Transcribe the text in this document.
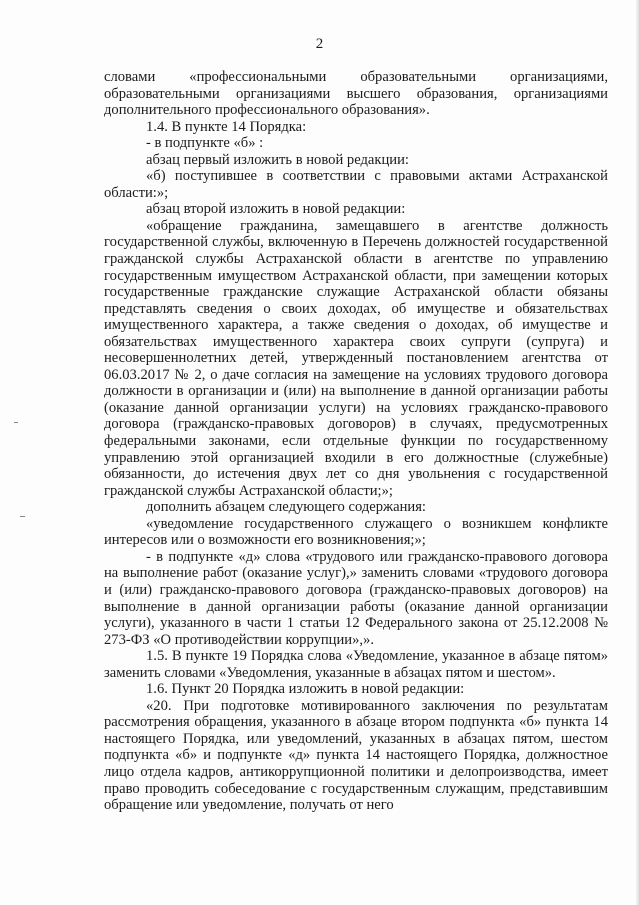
2

словами «профессиональными образовательными организациями, образовательными организациями высшего образования, организациями дополнительного профессионального образования».

1.4. В пункте 14 Порядка:

- в подпункте «б» :

абзац первый изложить в новой редакции:

«б) поступившее в соответствии с правовыми актами Астраханской области:»;

абзац второй изложить в новой редакции:

«обращение гражданина, замещавшего в агентстве должность государственной службы, включенную в Перечень должностей государственной гражданской службы Астраханской области в агентстве по управлению государственным имуществом Астраханской области, при замещении которых государственные гражданские служащие Астраханской области обязаны представлять сведения о своих доходах, об имуществе и обязательствах имущественного характера, а также сведения о доходах, об имуществе и обязательствах имущественного характера своих супруги (супруга) и несовершеннолетних детей, утвержденный постановлением агентства от 06.03.2017 № 2, о даче согласия на замещение на условиях трудового договора должности в организации и (или) на выполнение в данной организации работы (оказание данной организации услуги) на условиях гражданско-правового договора (гражданско-правовых договоров) в случаях, предусмотренных федеральными законами, если отдельные функции по государственному управлению этой организацией входили в его должностные (служебные) обязанности, до истечения двух лет со дня увольнения с государственной гражданской службы Астраханской области;»;

дополнить абзацем следующего содержания:

«уведомление государственного служащего о возникшем конфликте интересов или о возможности его возникновения;»;

- в подпункте «д» слова «трудового или гражданско-правового договора на выполнение работ (оказание услуг),» заменить словами «трудового договора и (или) гражданско-правового договора (гражданско-правовых договоров) на выполнение в данной организации работы (оказание данной организации услуги), указанного в части 1 статьи 12 Федерального закона от 25.12.2008 № 273-ФЗ «О противодействии коррупции»,».

1.5. В пункте 19 Порядка слова «Уведомление, указанное в абзаце пятом» заменить словами «Уведомления, указанные в абзацах пятом и шестом».

1.6. Пункт 20 Порядка изложить в новой редакции:

«20. При подготовке мотивированного заключения по результатам рассмотрения обращения, указанного в абзаце втором подпункта «б» пункта 14 настоящего Порядка, или уведомлений, указанных в абзацах пятом, шестом подпункта «б» и подпункте «д» пункта 14 настоящего Порядка, должностное лицо отдела кадров, антикоррупционной политики и делопроизводства, имеет право проводить собеседование с государственным служащим, представившим обращение или уведомление, получать от него
